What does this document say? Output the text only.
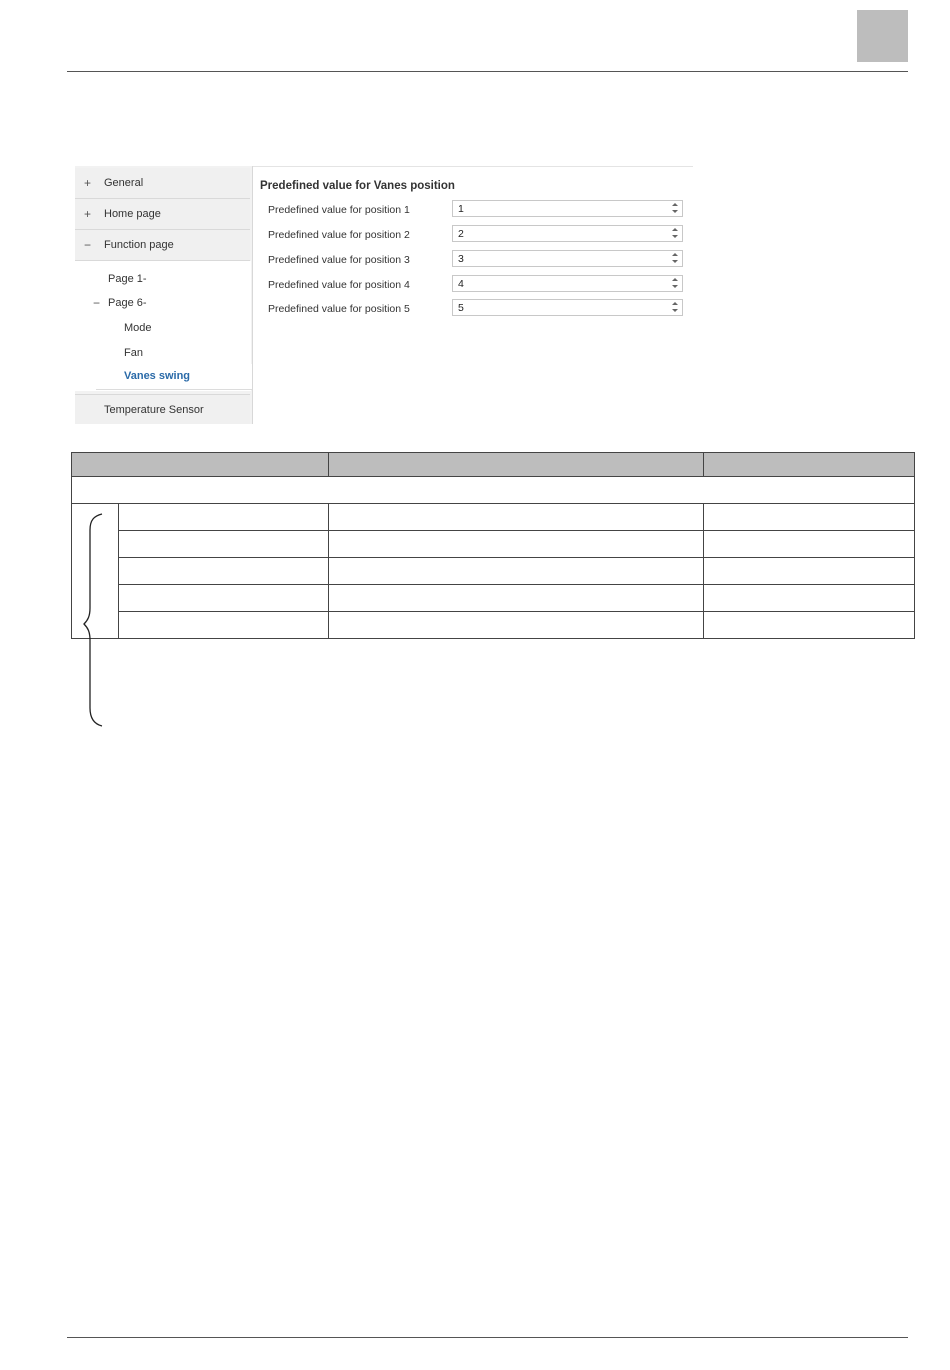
+ General
+ Home page
− Function page
Page 1-
− Page 6-
Mode
Fan
Vanes swing
Temperature Sensor
Predefined value for Vanes position
Predefined value for position 1	1
Predefined value for position 2	2
Predefined value for position 3	3
Predefined value for position 4	4
Predefined value for position 5	5
